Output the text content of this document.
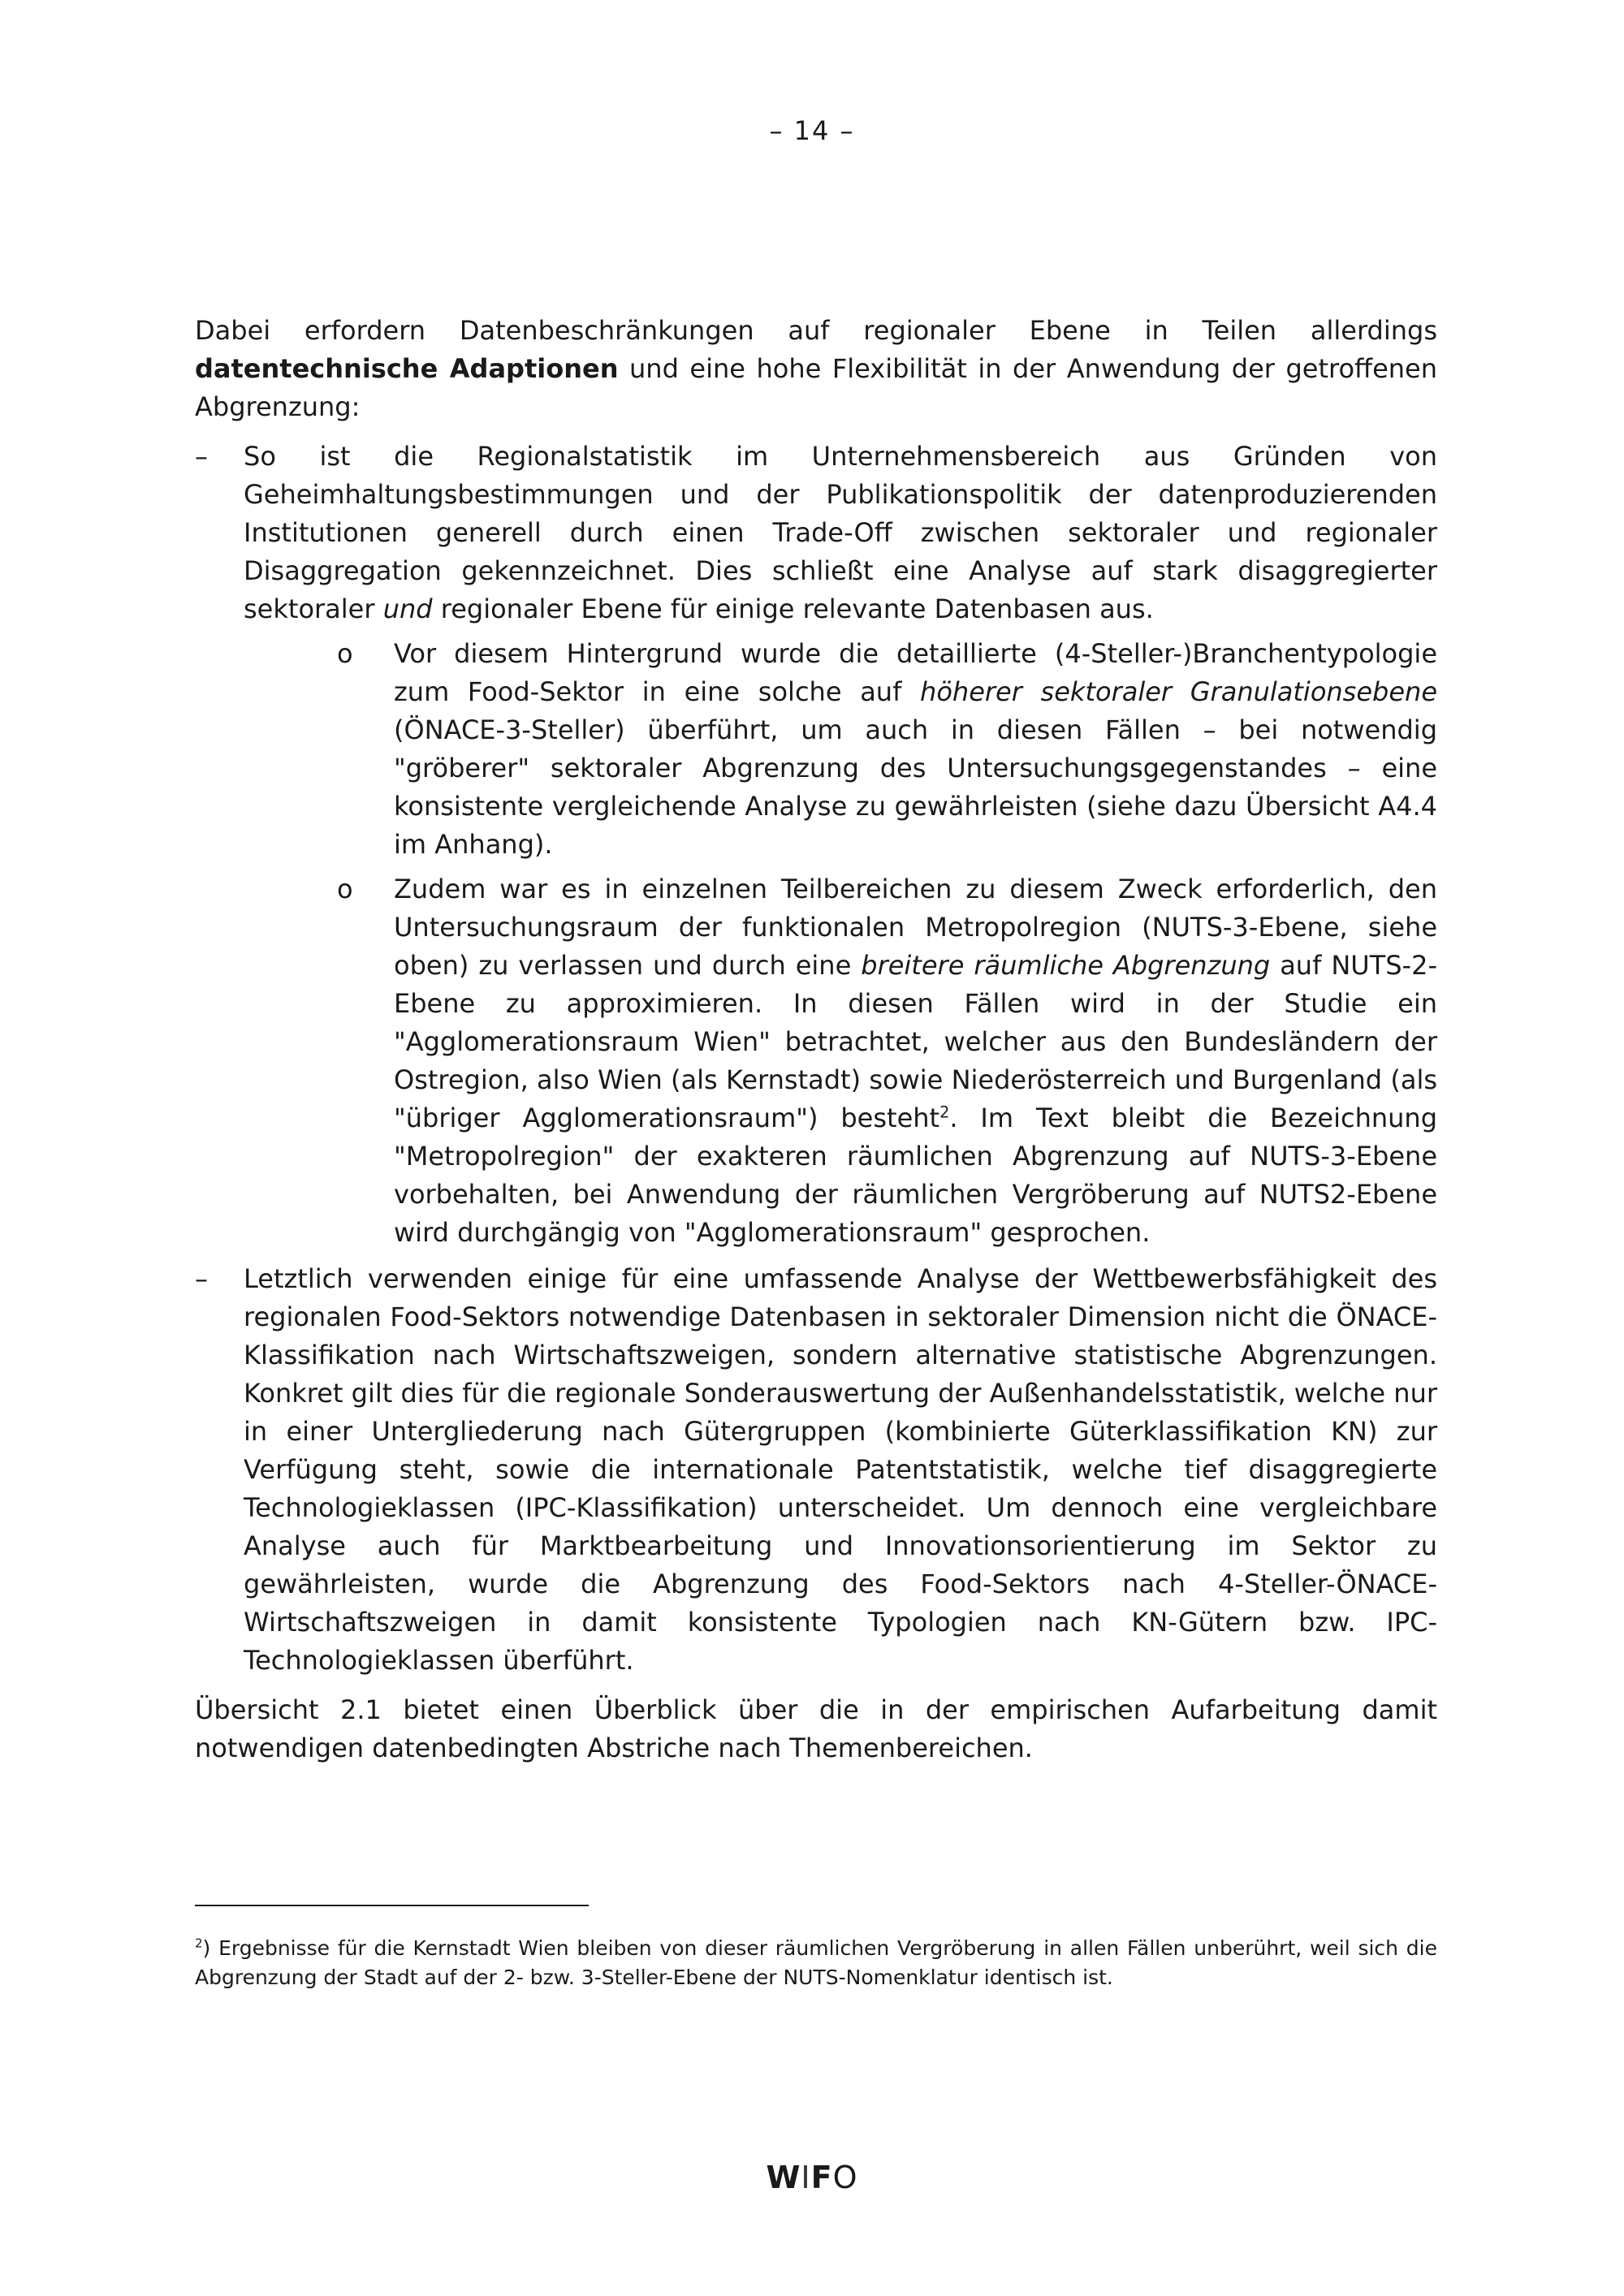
– 14 –

Dabei erfordern Datenbeschränkungen auf regionaler Ebene in Teilen allerdings datentechnische Adaptionen und eine hohe Flexibilität in der Anwendung der getroffenen Abgrenzung:

– So ist die Regionalstatistik im Unternehmensbereich aus Gründen von Geheimhaltungsbestimmungen und der Publikationspolitik der datenproduzierenden Institutionen generell durch einen Trade-Off zwischen sektoraler und regionaler Disaggregation gekennzeichnet. Dies schließt eine Analyse auf stark disaggregierter sektoraler und regionaler Ebene für einige relevante Datenbasen aus.

o Vor diesem Hintergrund wurde die detaillierte (4-Steller-)Branchentypologie zum Food-Sektor in eine solche auf höherer sektoraler Granulationsebene (ÖNACE-3-Steller) überführt, um auch in diesen Fällen – bei notwendig "gröberer" sektoraler Abgrenzung des Untersuchungsgegenstandes – eine konsistente vergleichende Analyse zu gewährleisten (siehe dazu Übersicht A4.4 im Anhang).

o Zudem war es in einzelnen Teilbereichen zu diesem Zweck erforderlich, den Untersuchungsraum der funktionalen Metropolregion (NUTS-3-Ebene, siehe oben) zu verlassen und durch eine breitere räumliche Abgrenzung auf NUTS-2-Ebene zu approximieren. In diesen Fällen wird in der Studie ein "Agglomerationsraum Wien" betrachtet, welcher aus den Bundesländern der Ostregion, also Wien (als Kernstadt) sowie Niederösterreich und Burgenland (als "übriger Agglomerationsraum") besteht$^2$. Im Text bleibt die Bezeichnung "Metropolregion" der exakteren räumlichen Abgrenzung auf NUTS-3-Ebene vorbehalten, bei Anwendung der räumlichen Vergröberung auf NUTS2-Ebene wird durchgängig von "Agglomerationsraum" gesprochen.

– Letztlich verwenden einige für eine umfassende Analyse der Wettbewerbsfähigkeit des regionalen Food-Sektors notwendige Datenbasen in sektoraler Dimension nicht die ÖNACE-Klassifikation nach Wirtschaftszweigen, sondern alternative statistische Abgrenzungen. Konkret gilt dies für die regionale Sonderauswertung der Außenhandelsstatistik, welche nur in einer Untergliederung nach Gütergruppen (kombinierte Güterklassifikation KN) zur Verfügung steht, sowie die internationale Patentstatistik, welche tief disaggregierte Technologieklassen (IPC-Klassifikation) unterscheidet. Um dennoch eine vergleichbare Analyse auch für Marktbearbeitung und Innovationsorientierung im Sektor zu gewährleisten, wurde die Abgrenzung des Food-Sektors nach 4-Steller-ÖNACE-Wirtschaftszweigen in damit konsistente Typologien nach KN-Gütern bzw. IPC-Technologieklassen überführt.

Übersicht 2.1 bietet einen Überblick über die in der empirischen Aufarbeitung damit notwendigen datenbedingten Abstriche nach Themenbereichen.

$^2$) Ergebnisse für die Kernstadt Wien bleiben von dieser räumlichen Vergröberung in allen Fällen unberührt, weil sich die Abgrenzung der Stadt auf der 2- bzw. 3-Steller-Ebene der NUTS-Nomenklatur identisch ist.
WIFO
